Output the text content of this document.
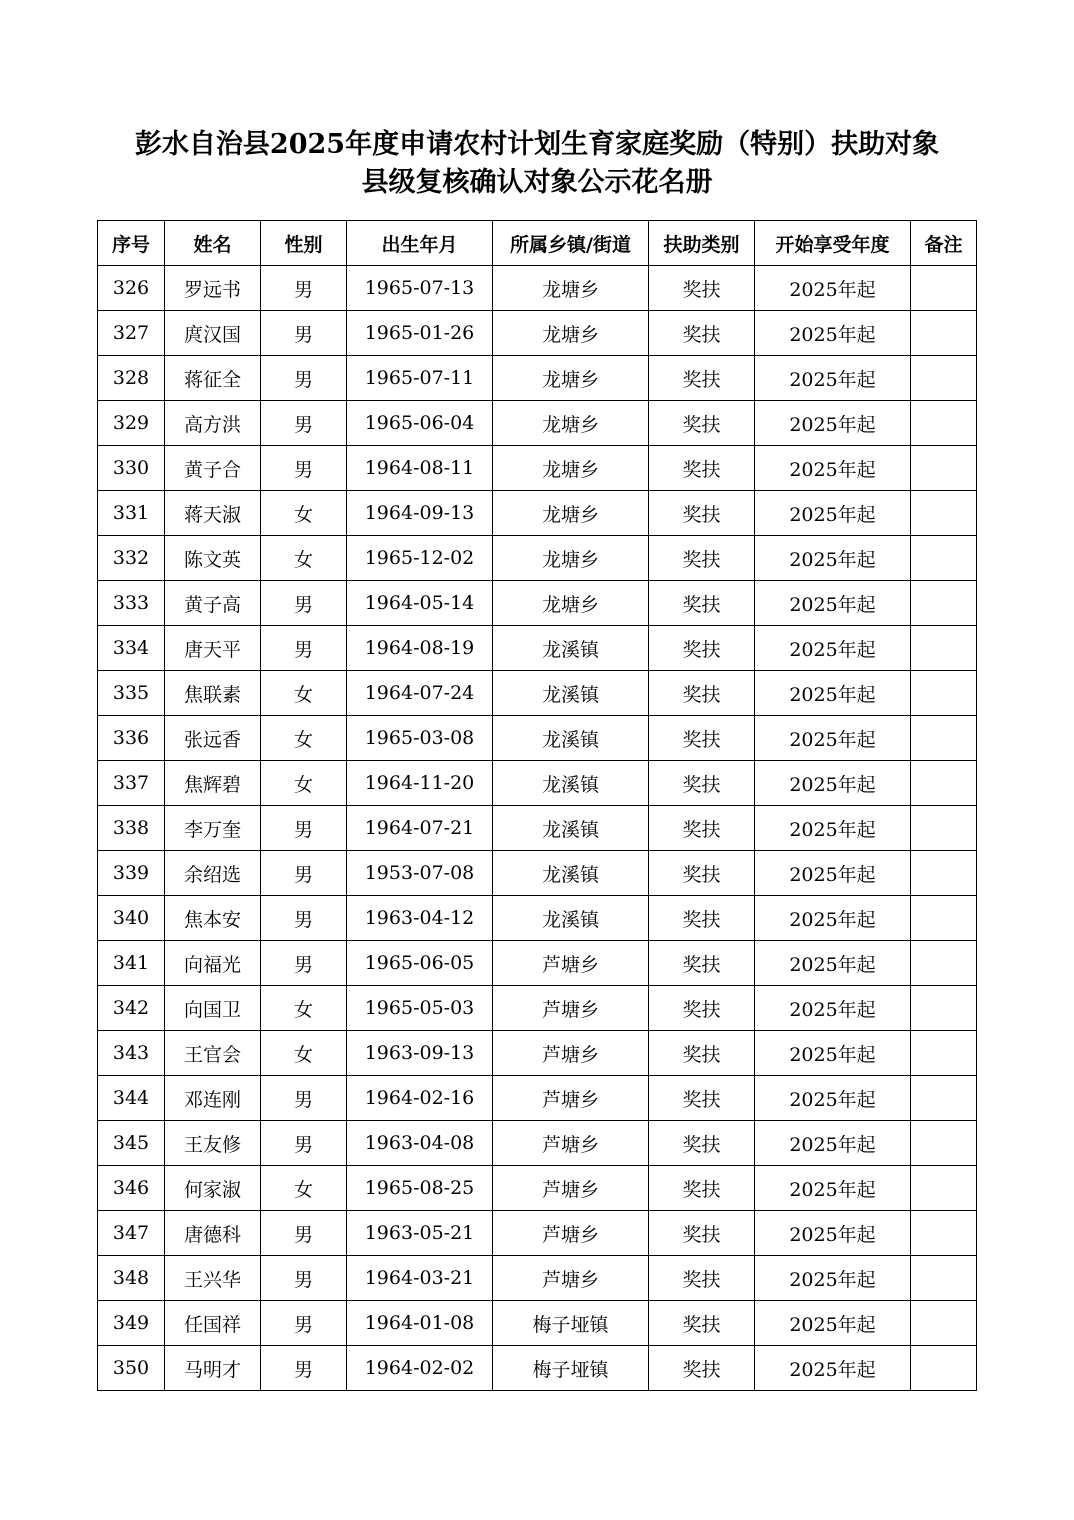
彭水自治县2025年度申请农村计划生育家庭奖励（特别）扶助对象
县级复核确认对象公示花名册
序号	姓名	性别	出生年月	所属乡镇/街道	扶助类别	开始享受年度	备注
326	罗远书	男	1965-07-13	龙塘乡	奖扶	2025年起	
327	庹汉国	男	1965-01-26	龙塘乡	奖扶	2025年起	
328	蒋征全	男	1965-07-11	龙塘乡	奖扶	2025年起	
329	高方洪	男	1965-06-04	龙塘乡	奖扶	2025年起	
330	黄子合	男	1964-08-11	龙塘乡	奖扶	2025年起	
331	蒋天淑	女	1964-09-13	龙塘乡	奖扶	2025年起	
332	陈文英	女	1965-12-02	龙塘乡	奖扶	2025年起	
333	黄子高	男	1964-05-14	龙塘乡	奖扶	2025年起	
334	唐天平	男	1964-08-19	龙溪镇	奖扶	2025年起	
335	焦联素	女	1964-07-24	龙溪镇	奖扶	2025年起	
336	张远香	女	1965-03-08	龙溪镇	奖扶	2025年起	
337	焦辉碧	女	1964-11-20	龙溪镇	奖扶	2025年起	
338	李万奎	男	1964-07-21	龙溪镇	奖扶	2025年起	
339	余绍选	男	1953-07-08	龙溪镇	奖扶	2025年起	
340	焦本安	男	1963-04-12	龙溪镇	奖扶	2025年起	
341	向福光	男	1965-06-05	芦塘乡	奖扶	2025年起	
342	向国卫	女	1965-05-03	芦塘乡	奖扶	2025年起	
343	王官会	女	1963-09-13	芦塘乡	奖扶	2025年起	
344	邓连刚	男	1964-02-16	芦塘乡	奖扶	2025年起	
345	王友修	男	1963-04-08	芦塘乡	奖扶	2025年起	
346	何家淑	女	1965-08-25	芦塘乡	奖扶	2025年起	
347	唐德科	男	1963-05-21	芦塘乡	奖扶	2025年起	
348	王兴华	男	1964-03-21	芦塘乡	奖扶	2025年起	
349	任国祥	男	1964-01-08	梅子垭镇	奖扶	2025年起	
350	马明才	男	1964-02-02	梅子垭镇	奖扶	2025年起	
